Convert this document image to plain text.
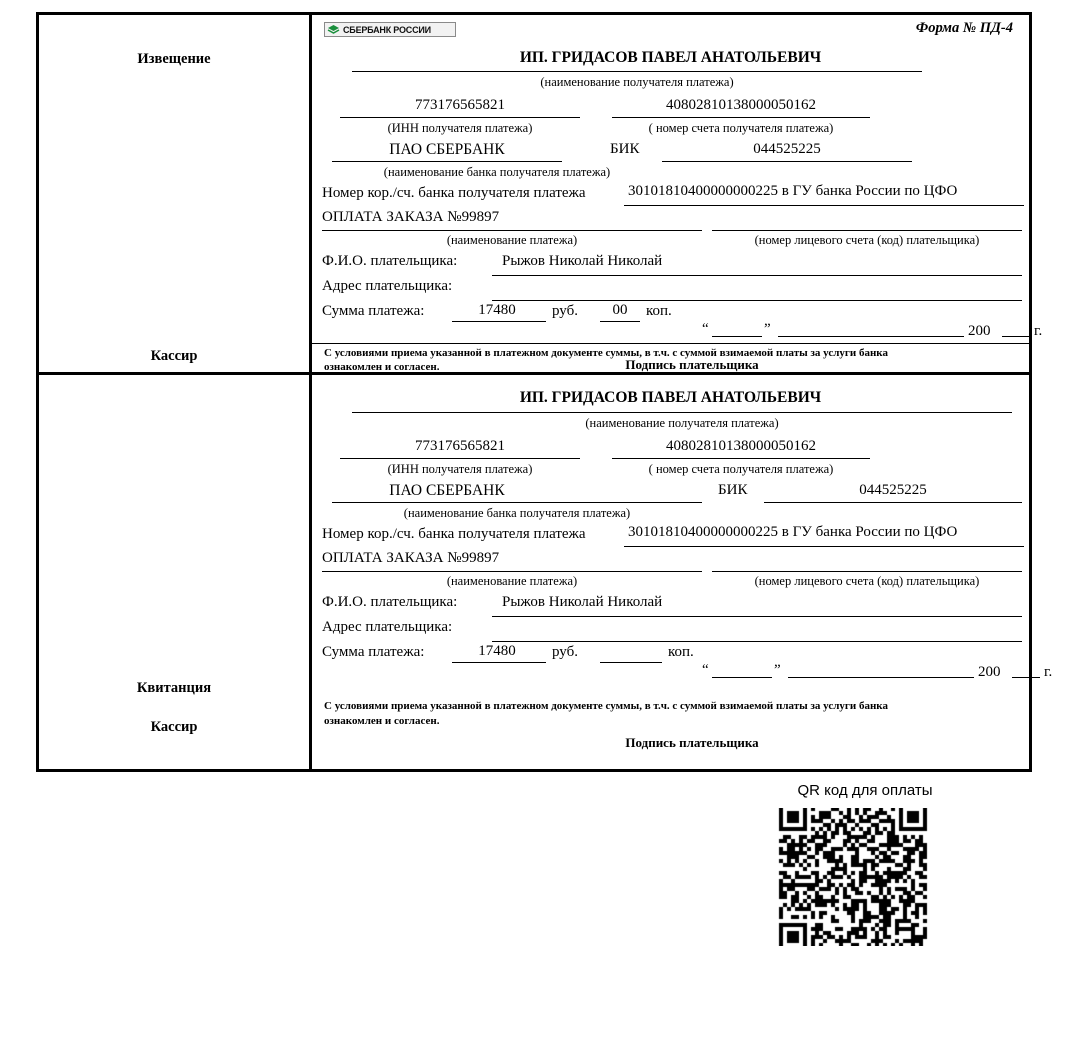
Извещение
Кассир
СБЕРБАНК РОССИИ	Форма № ПД-4
ИП. ГРИДАСОВ ПАВЕЛ АНАТОЛЬЕВИЧ
(наименование получателя платежа)
773176565821
(ИНН получателя платежа)
40802810138000050162
( номер счета получателя платежа)
ПАО СБЕРБАНК
(наименование банка получателя платежа)
БИК	044525225
Номер кор./сч. банка получателя платежа	30101810400000000225 в ГУ банка России по ЦФО
ОПЛАТА ЗАКАЗА №99897
(наименование платежа)	(номер лицевого счета (код) плательщика)
Ф.И.О. плательщика:	Рыжов Николай Николай
Адрес плательщика:
Сумма платежа:	17480	руб.	00	коп.
“	”	200	г.
С условиями приема указанной в платежном документе суммы, в т.ч. с суммой взимаемой платы за услуги банка
ознакомлен и согласен.	Подпись плательщика
Квитанция
Кассир
ИП. ГРИДАСОВ ПАВЕЛ АНАТОЛЬЕВИЧ
(наименование получателя платежа)
773176565821
(ИНН получателя платежа)
40802810138000050162
( номер счета получателя платежа)
ПАО СБЕРБАНК
(наименование банка получателя платежа)
БИК	044525225
Номер кор./сч. банка получателя платежа	30101810400000000225 в ГУ банка России по ЦФО
ОПЛАТА ЗАКАЗА №99897
(наименование платежа)	(номер лицевого счета (код) плательщика)
Ф.И.О. плательщика:	Рыжов Николай Николай
Адрес плательщика:
Сумма платежа:	17480	руб.	коп.
“	”	200	г.
С условиями приема указанной в платежном документе суммы, в т.ч. с суммой взимаемой платы за услуги банка
ознакомлен и согласен.
Подпись плательщика
QR код для оплаты
